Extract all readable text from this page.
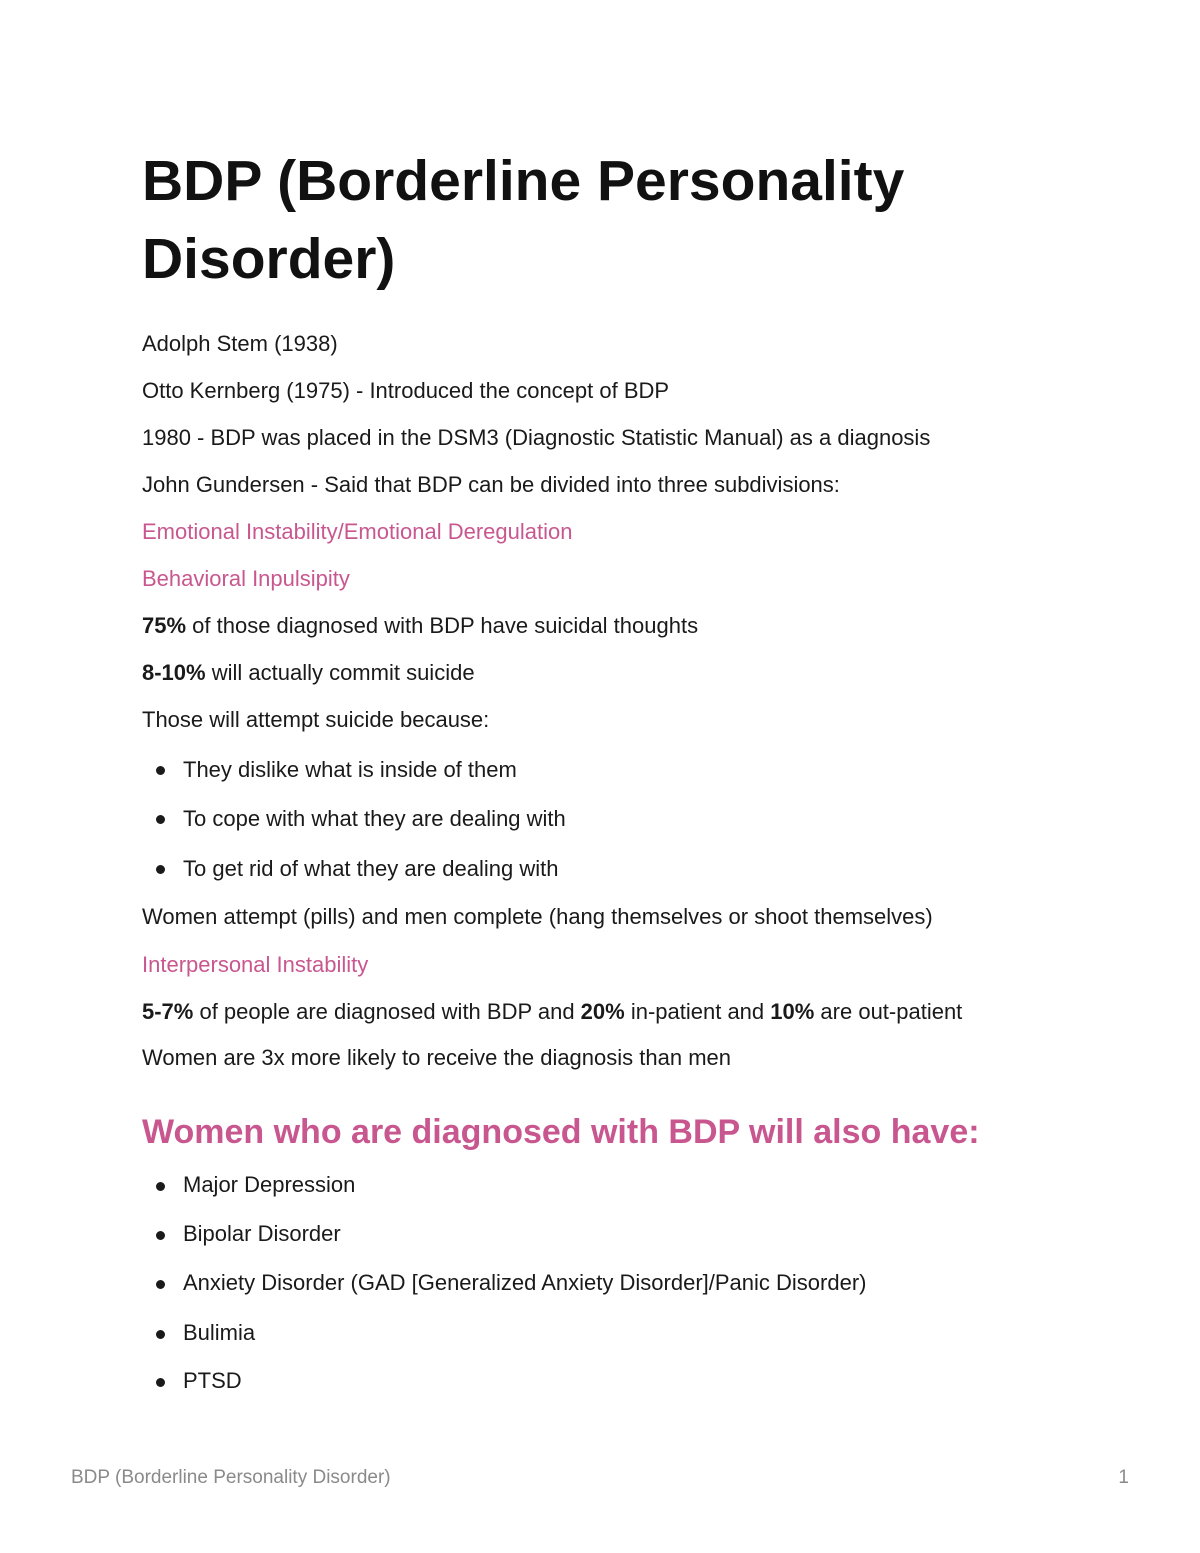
BDP (Borderline Personality Disorder)

Adolph Stem (1938)

Otto Kernberg (1975) - Introduced the concept of BDP

1980 - BDP was placed in the DSM3 (Diagnostic Statistic Manual) as a diagnosis

John Gundersen - Said that BDP can be divided into three subdivisions:

Emotional Instability/Emotional Deregulation

Behavioral Inpulsipity

75% of those diagnosed with BDP have suicidal thoughts

8-10% will actually commit suicide

Those will attempt suicide because:

They dislike what is inside of them

To cope with what they are dealing with

To get rid of what they are dealing with

Women attempt (pills) and men complete (hang themselves or shoot themselves)

Interpersonal Instability

5-7% of people are diagnosed with BDP and 20% in-patient and 10% are out-patient

Women are 3x more likely to receive the diagnosis than men

Women who are diagnosed with BDP will also have:

Major Depression

Bipolar Disorder

Anxiety Disorder (GAD [Generalized Anxiety Disorder]/Panic Disorder)

Bulimia

PTSD

BDP (Borderline Personality Disorder)	1
